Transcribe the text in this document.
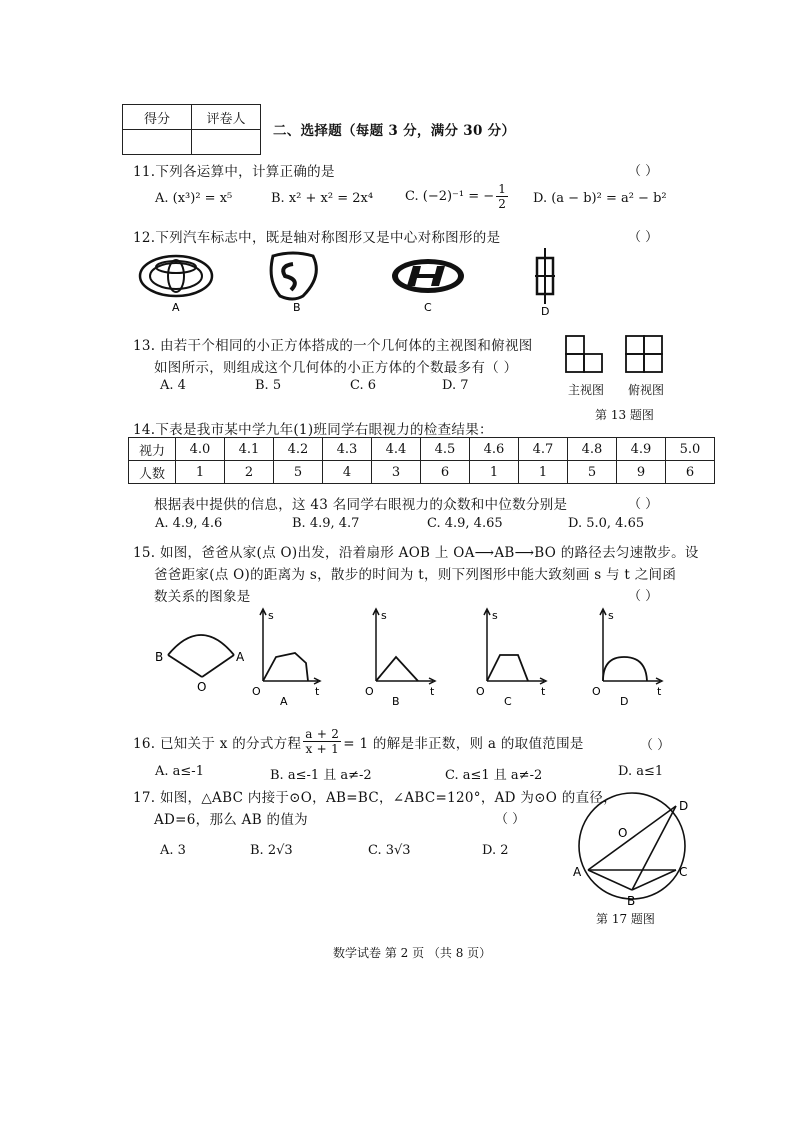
得分	评卷人

二、选择题（每题 3 分，满分 30 分）
11.下列各运算中，计算正确的是	（ ）
A. (x³)² = x⁵	B. x² + x² = 2x⁴ C. (−2)⁻¹ = − $\frac{1}{2} D$. (a − b)² = a² − b²
12.下列汽车标志中，既是轴对称图形又是中心对称图形的是	（ ）
A	B	C	D
13. 由若干个相同的小正方体搭成的一个几何体的主视图和俯视图
如图所示，则组成这个几何体的小正方体的个数最多有（ ）
A. 4	B. 5	C. 6	D. 7	主视图 俯视图
第 13 题图
14.下表是我市某中学九年(1)班同学右眼视力的检查结果：
视力	4.0	4.1	4.2	4.3	4.4	4.5	4.6	4.7	4.8	4.9	5.0
人数	1	2	5	4	3	6	1	1	5	9	6
根据表中提供的信息，这 43 名同学右眼视力的众数和中位数分别是	（ ）
A. 4.9, 4.6	B. 4.9, 4.7	C. 4.9, 4.65	D. 5.0, 4.65
15. 如图，爸爸从家(点 O)出发，沿着扇形 AOB 上 OA⟶AB⟶BO 的路径去匀速散步。设
爸爸距家(点 O)的距离为 s，散步的时间为 t，则下列图形中能大致刻画 s 与 t 之间函
数关系的图象是	（ ）
B	A
O
s
t
O
A
s
t
O
B
s
t
O
C
s
t
O
D
16. 已知关于 x 的分式方程 $\frac{a + 2}{x + 1} = 1$ 的解是非正数，则 a 的取值范围是	（ ）
A. a≤-1	B. a≤-1 且 a≠-2	C. a≤1 且 a≠-2	D. a≤1
17. 如图，△ABC 内接于⊙O，AB=BC，∠ABC=120°，AD 为⊙O 的直径，
AD=6，那么 AB 的值为	（ ）
A. 3	B. 2√3	C. 3√3	D. 2
D
O
A	C
B
第 17 题图
数学试卷 第 2 页 （共 8 页）
